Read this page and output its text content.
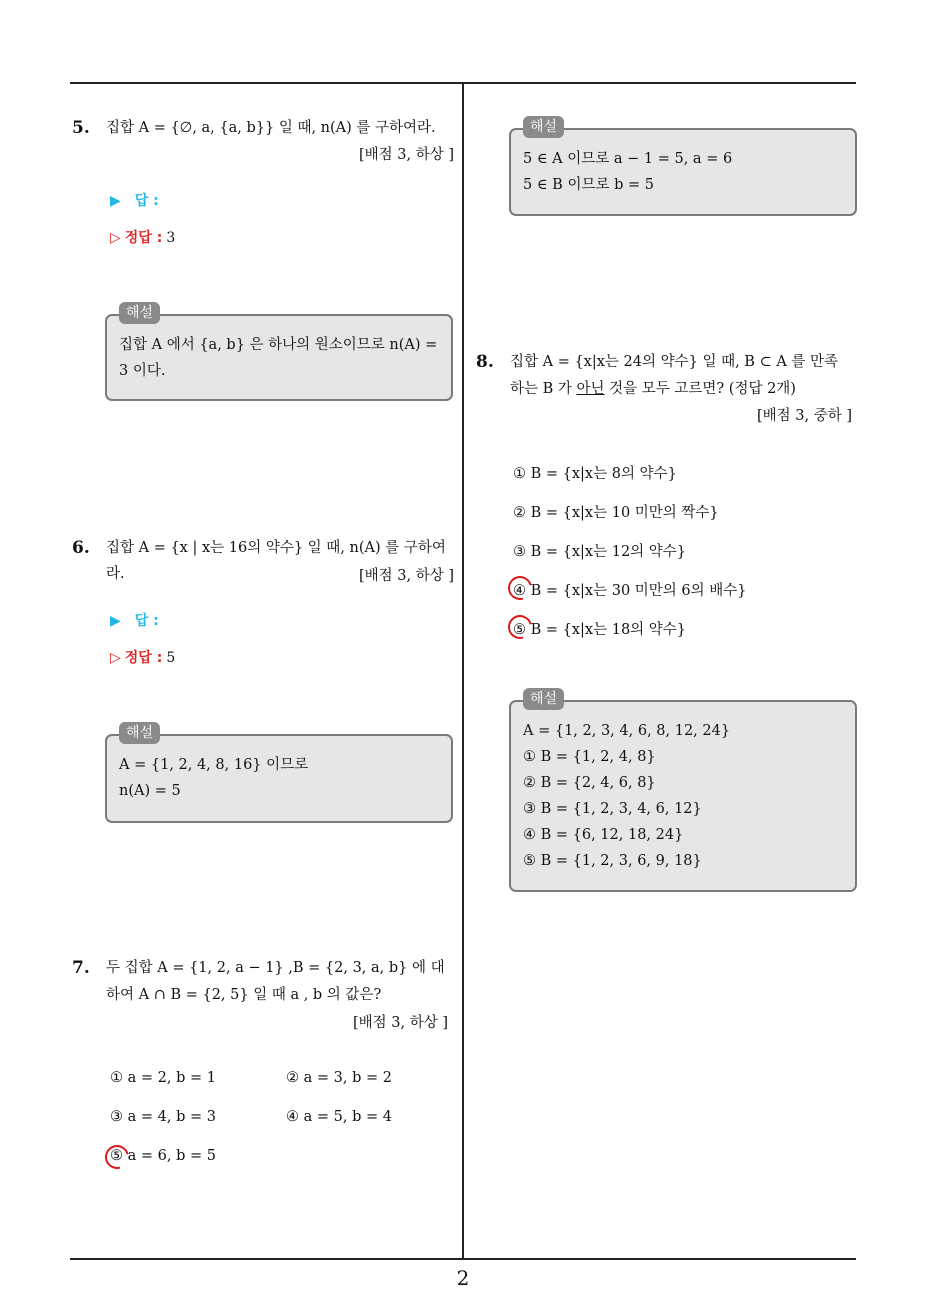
5. 집합 A = {∅, a, {a, b}} 일 때, n(A) 를 구하여라.
[배점 3, 하상 ]
▶ 답 :
▷ 정답 : 3
해설
집합 A 에서 {a, b} 은 하나의 원소이므로 n(A) =
3 이다.
6. 집합 A = {x | x는 16의 약수} 일 때, n(A) 를 구하여
라.	[배점 3, 하상 ]
▶ 답 :
▷ 정답 : 5
해설
A = {1, 2, 4, 8, 16} 이므로
n(A) = 5
7. 두 집합 A = {1, 2, a − 1} ,B = {2, 3, a, b} 에 대
하여 A ∩ B = {2, 5} 일 때 a , b 의 값은?
[배점 3, 하상 ]
① a = 2, b = 1	② a = 3, b = 2
③ a = 4, b = 3	④ a = 5, b = 4
⑤ a = 6, b = 5
해설
5 ∈ A 이므로 a − 1 = 5, a = 6
5 ∈ B 이므로 b = 5
8. 집합 A = {x|x는 24의 약수} 일 때, B ⊂ A 를 만족
하는 B 가 아닌 것을 모두 고르면? (정답 2개)
[배점 3, 중하 ]
① B = {x|x는 8의 약수}
② B = {x|x는 10 미만의 짝수}
③ B = {x|x는 12의 약수}
④ B = {x|x는 30 미만의 6의 배수}
⑤ B = {x|x는 18의 약수}
해설
A = {1, 2, 3, 4, 6, 8, 12, 24}
① B = {1, 2, 4, 8}
② B = {2, 4, 6, 8}
③ B = {1, 2, 3, 4, 6, 12}
④ B = {6, 12, 18, 24}
⑤ B = {1, 2, 3, 6, 9, 18}
2
